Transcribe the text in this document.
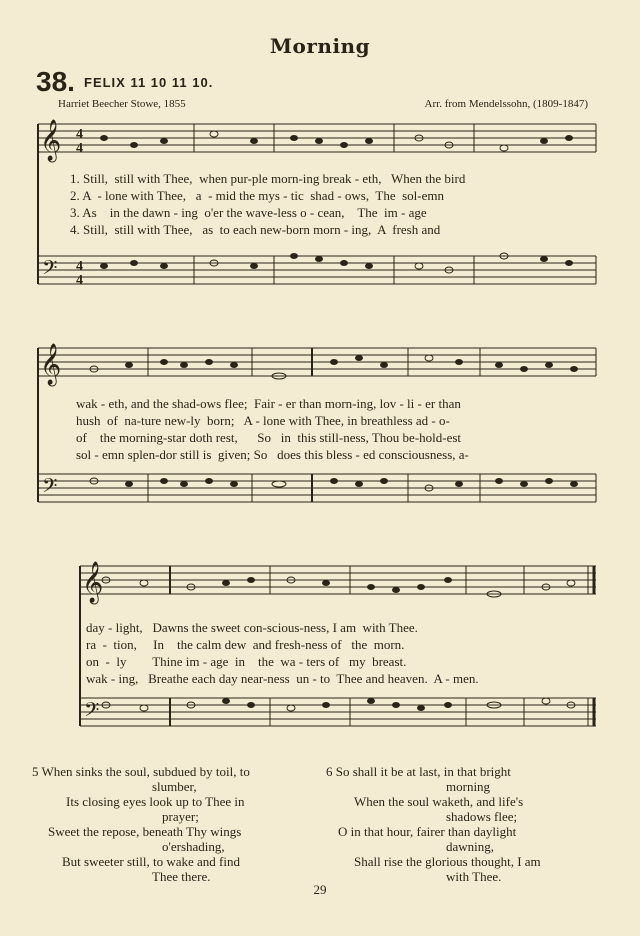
Morning
38. FELIX 11 10 11 10.
Harriet Beecher Stowe, 1855	Arr. from Mendelssohn, (1809-1847)
𝄞
𝄢
4
4
4
4
1. Still, still with Thee, when pur-ple morn-ing break - eth, When the bird
2. A - lone with Thee, a  - mid the mys - tic shad - ows, The  sol-emn
3. As in the dawn - ing o'er the wave-less o - cean, The  im - age
4. Still, still with Thee, as  to each new-born morn - ing, A  fresh and
𝄞
𝄢
wak - eth, and the shad-ows flee; Fair - er than morn-ing, lov - li - er than
hush  of  na-ture new-ly  born; A - lone with Thee, in breathless ad - o-
of    the morning-star doth rest, So   in  this still-ness, Thou be-hold-est
sol - emn splen-dor still is  given; So   does this bless - ed consciousness, a-
𝄞
𝄢
day - light, Dawns the sweet con-scious-ness, I am  with Thee.
ra  -  tion, In    the calm dew  and fresh-ness of   the  morn.
on  -  ly Thine im - age  in    the  wa - ters of   my  breast.
wak - ing, Breathe each day near-ness  un - to  Thee and heaven.  A - men.
5 When sinks the soul, subdued by toil, to
slumber,
Its closing eyes look up to Thee in
prayer;
Sweet the repose, beneath Thy wings
o'ershading,
But sweeter still, to wake and find
Thee there.
6 So shall it be at last, in that bright
morning
When the soul waketh, and life's
shadows flee;
O in that hour, fairer than daylight
dawning,
Shall rise the glorious thought, I am
with Thee.
29
